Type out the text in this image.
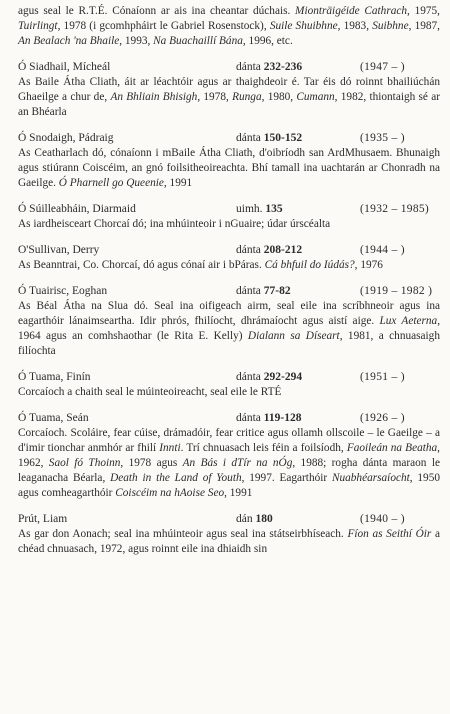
agus seal le R.T.É. Cónaíonn ar ais ina cheantar dúchais. Mionträigéide Cathrach, 1975, Tuirlingt, 1978 (i gcomhpháirt le Gabriel Rosenstock), Suile Shuibhne, 1983, Suibhne, 1987, An Bealach 'na Bhaile, 1993, Na Buachaillí Bána, 1996, etc.
Ó Siadhail, Mícheál	dánta 232-236	(1947 – )
As Baile Átha Cliath, áit ar léachtóir agus ar thaighdeoir é. Tar éis dó roinnt bhailiúchán Ghaeilge a chur de, An Bhliain Bhisigh, 1978, Runga, 1980, Cumann, 1982, thiontaigh sé ar an Bhéarla
Ó Snodaigh, Pádraig	dánta 150-152	(1935 – )
As Ceatharlach dó, cónaíonn i mBaile Átha Cliath, d'oibríodh san ArdMhusaem. Bhunaigh agus stiúrann Coiscéim, an gnó foilsitheoireachta. Bhí tamall ina uachtarán ar Chonradh na Gaeilge. Ó Pharnell go Queenie, 1991
Ó Súilleabháin, Diarmaid	uimh. 135	(1932 – 1985)
As iardheisceart Chorcaí dó; ina mhúinteoir i nGuaire; údar úrscéalta
O'Sullivan, Derry	dánta 208-212	(1944 – )
As Beanntrai, Co. Chorcaí, dó agus cónaí air i bPáras. Cá bhfuil do Iúdás?, 1976
Ó Tuairisc, Eoghan	dánta 77-82	(1919 – 1982 )
As Béal Átha na Slua dó. Seal ina oifigeach airm, seal eile ina scríbhneoir agus ina eagarthóir lánaimseartha. Idir phrós, fhilíocht, dhrámaíocht agus aistí aige. Lux Aeterna, 1964 agus an comhshaothar (le Rita E. Kelly) Dialann sa Díseart, 1981, a chnuasaigh filíochta
Ó Tuama, Finín	dánta 292-294	(1951 – )
Corcaíoch a chaith seal le múinteoireacht, seal eile le RTÉ
Ó Tuama, Seán	dánta 119-128	(1926 – )
Corcaíoch. Scoláire, fear cúise, drámadóir, fear critice agus ollamh ollscoile – le Gaeilge – a d'imir tionchar anmhór ar fhilí Innti. Trí chnuasach leis féin a foilsíodh, Faoileán na Beatha, 1962, Saol fó Thoinn, 1978 agus An Bás i dTír na nÓg, 1988; rogha dánta maraon le leaganacha Béarla, Death in the Land of Youth, 1997. Eagarthóir Nuabhéarsaíocht, 1950 agus comheagarthóir Coiscéim na hAoise Seo, 1991
Prút, Liam	dán 180	(1940 – )
As gar don Aonach; seal ina mhúinteoir agus seal ina státseirbhíseach. Fíon as Seithí Óir a chéad chnuasach, 1972, agus roinnt eile ina dhiaidh sin
